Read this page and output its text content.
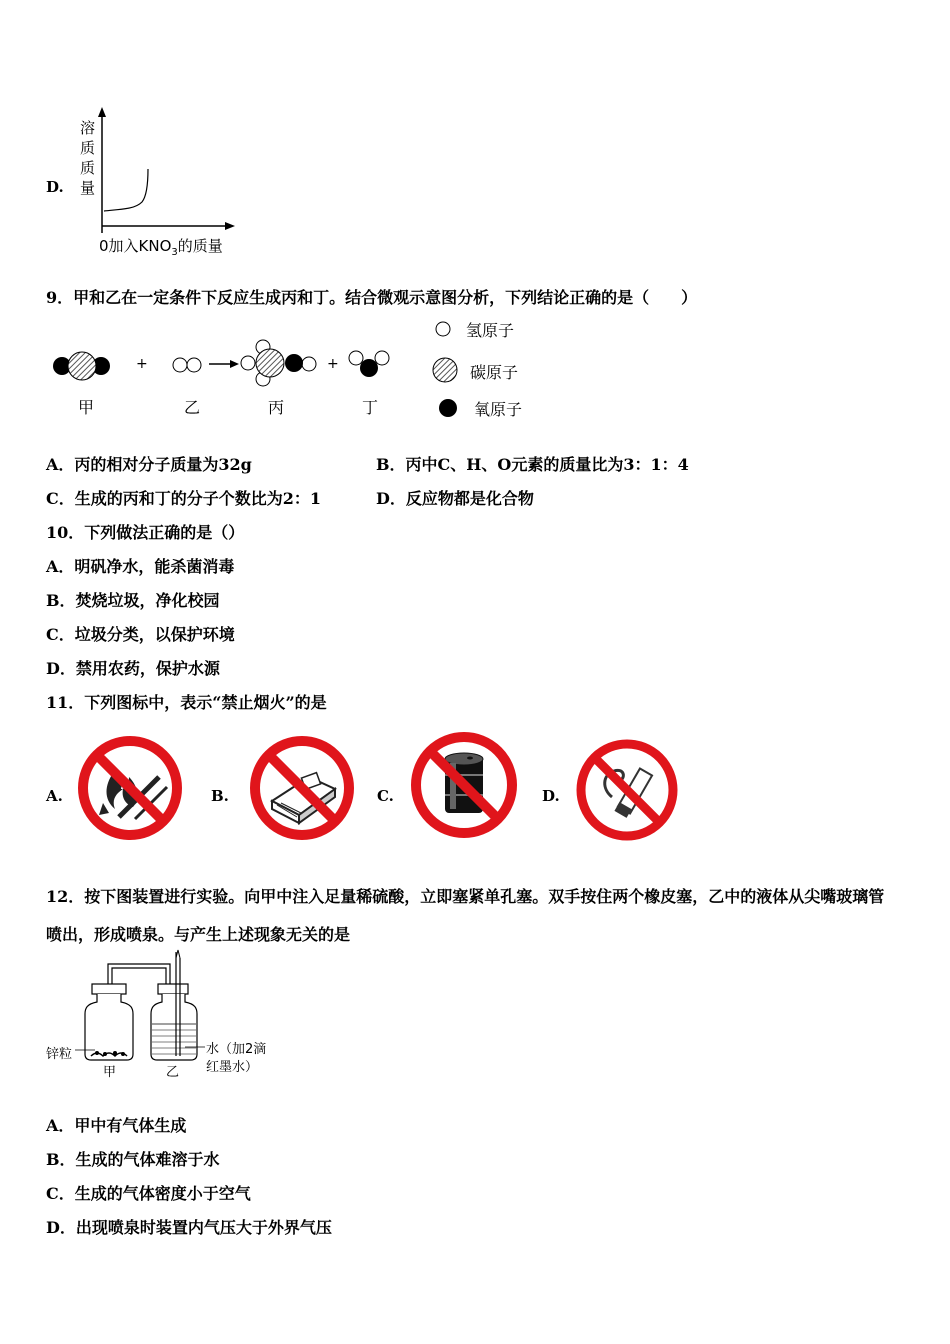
D.
溶
质
质
量
0加入$KNO_3$的质量
9．甲和乙在一定条件下反应生成丙和丁。结合微观示意图分析，下列结论正确的是（　　）
+	+
甲	乙	丙	丁
氢原子
碳原子
氧原子
A．丙的相对分子质量为32g	B．丙中C、H、O元素的质量比为3：1：4
C．生成的丙和丁的分子个数比为2：1	D．反应物都是化合物
10．下列做法正确的是（）
A．明矾净水，能杀菌消毒
B．焚烧垃圾，净化校园
C．垃圾分类，以保护环境
D．禁用农药，保护水源
11．下列图标中，表示“禁止烟火”的是
A.	B.	C.	D.
12．按下图装置进行实验。向甲中注入足量稀硫酸，立即塞紧单孔塞。双手按住两个橡皮塞，乙中的液体从尖嘴玻璃管
喷出，形成喷泉。与产生上述现象无关的是
锌粒	水（加2滴
红墨水）
甲	乙
A．甲中有气体生成
B．生成的气体难溶于水
C．生成的气体密度小于空气
D．出现喷泉时装置内气压大于外界气压
